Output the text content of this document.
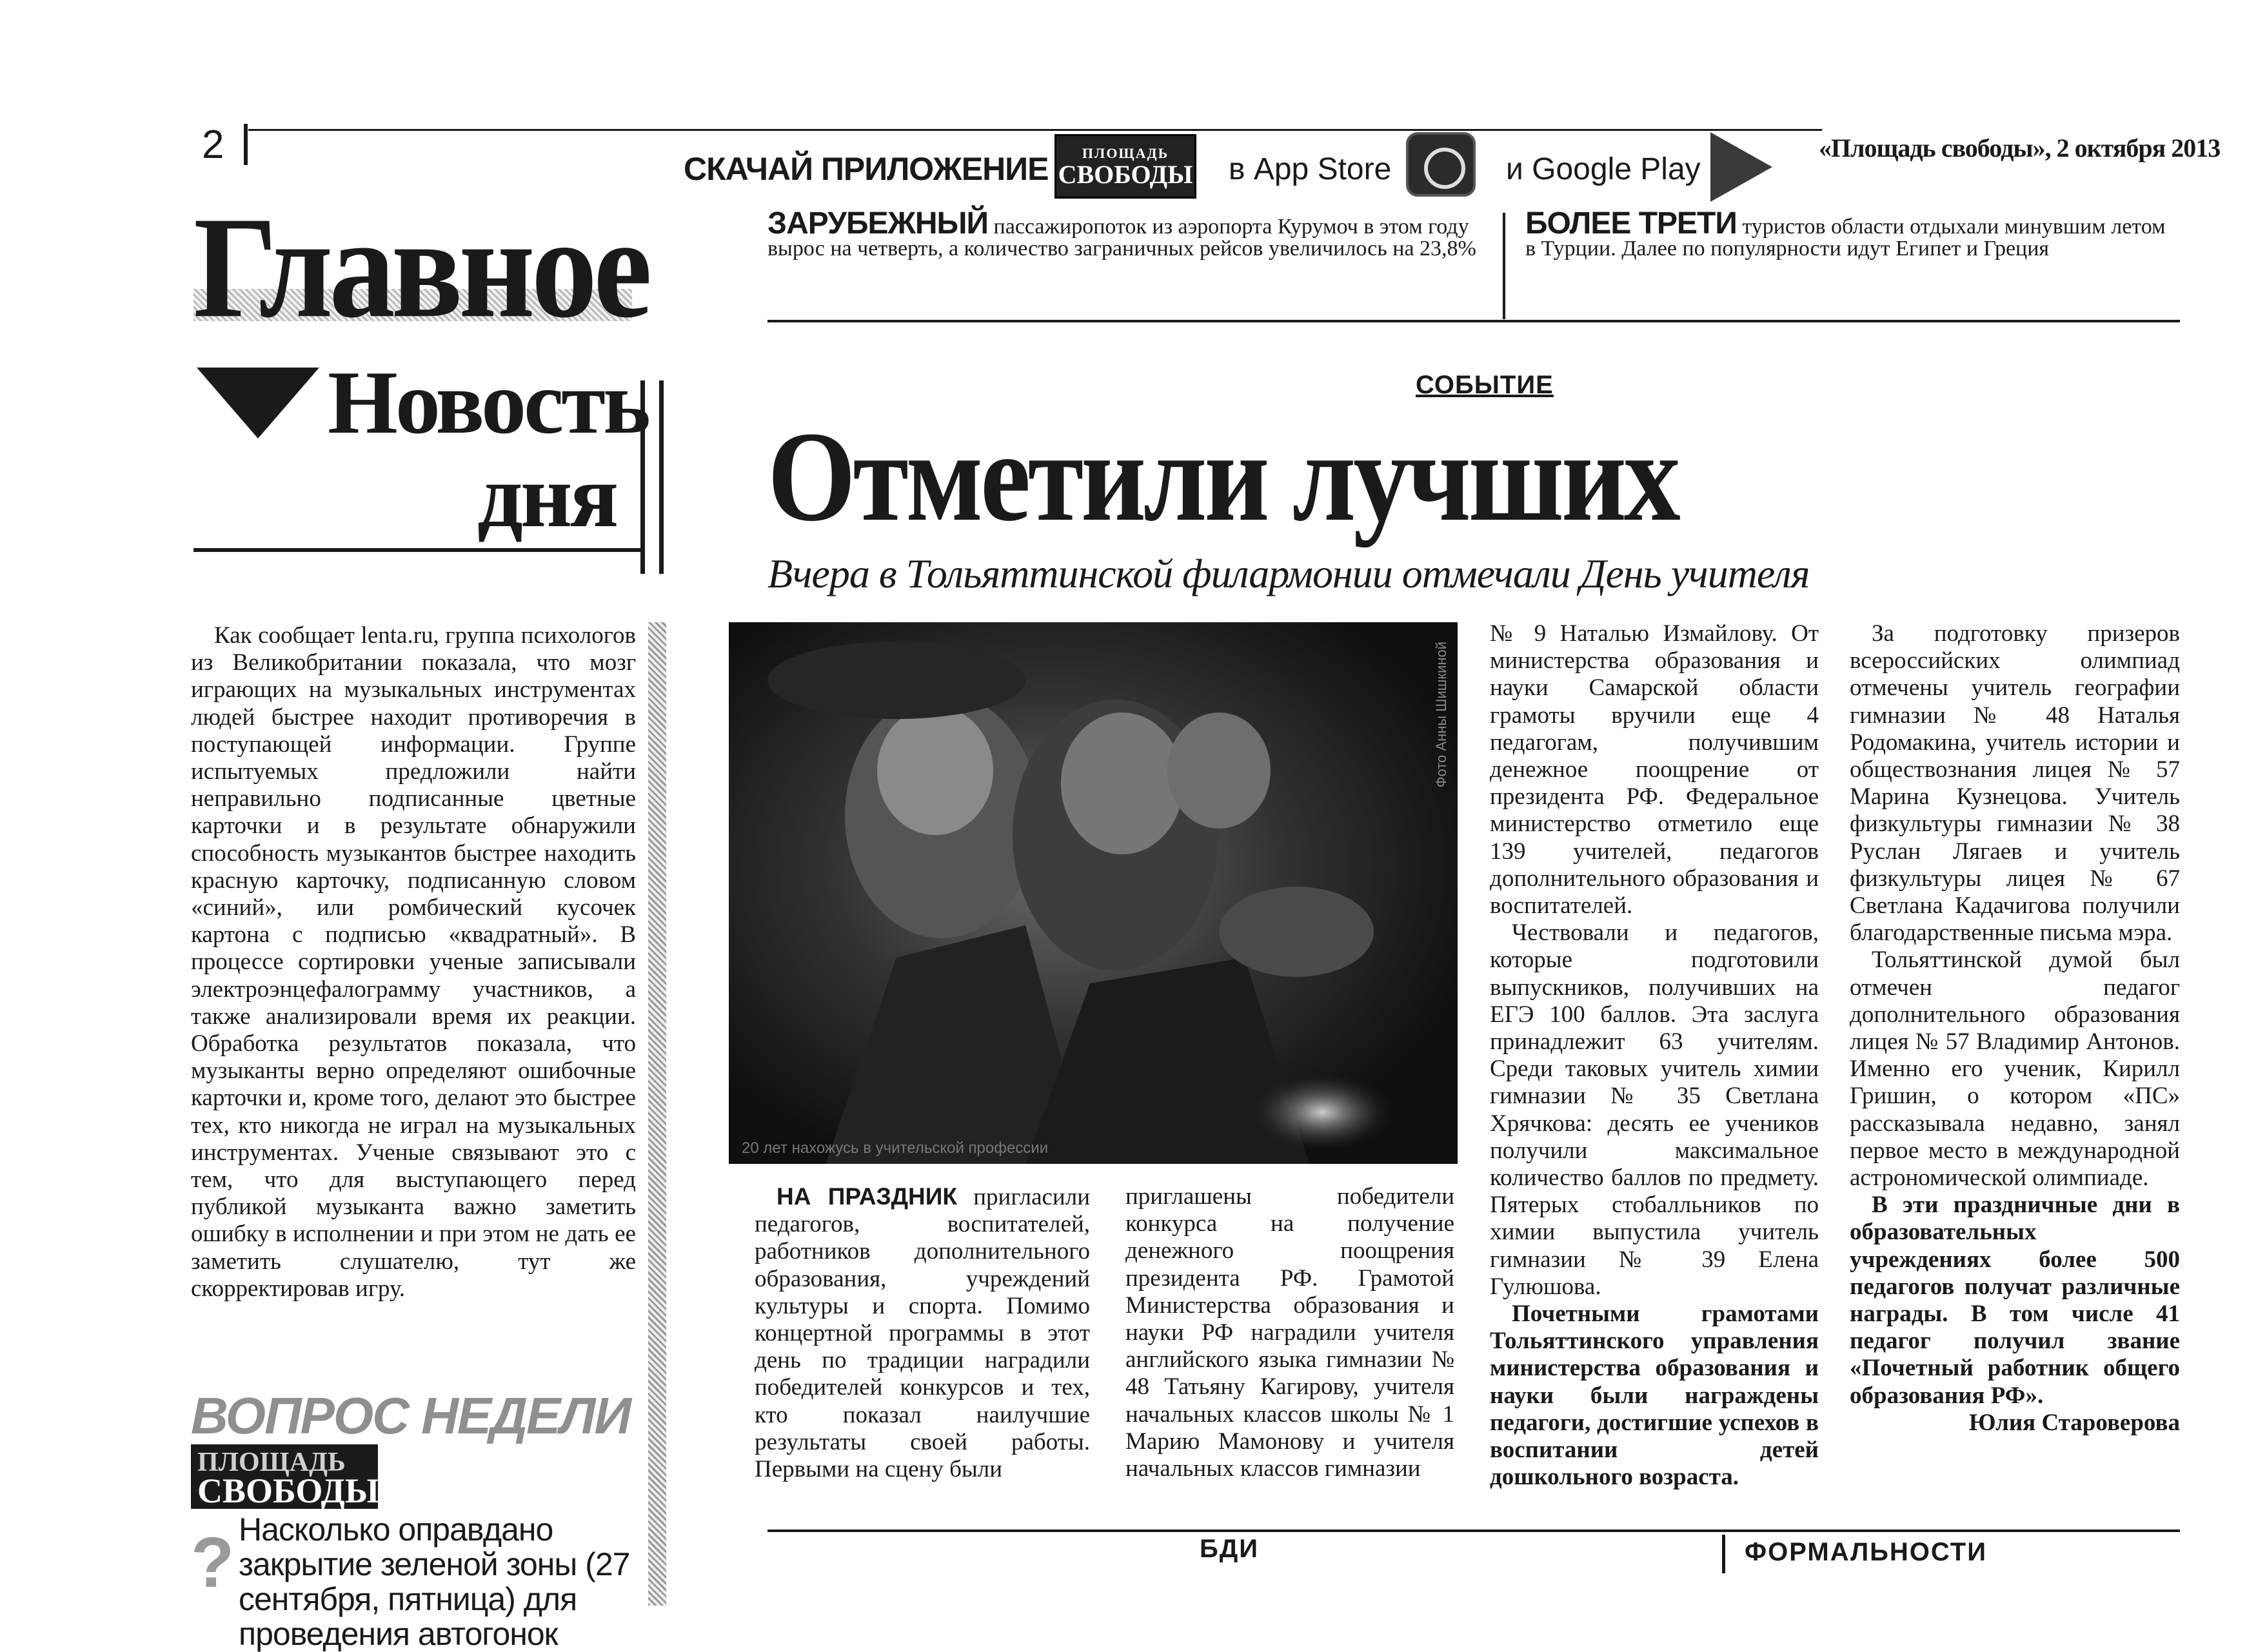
2
СКАЧАЙ ПРИЛОЖЕНИЕ ПЛОЩАДЬ
СВОБОДЫ в App Store	и Google Play
«Площадь свободы», 2 октября 2013
ЗАРУБЕЖНЫЙ пассажиропоток из аэропорта Курумоч в этом году вырос на четверть, а количество заграничных рейсов увеличилось на 23,8%
БОЛЕЕ ТРЕТИ туристов области отдыхали минувшим летом в Турции. Далее по популярности идут Египет и Греция
Главное
Новость
дня
Как сообщает lenta.ru, группа психологов из Великобритании показала, что мозг играющих на музыкальных инструментах людей быстрее находит противоречия в поступающей информации. Группе испытуемых предложили найти неправильно подписанные цветные карточки и в результате обнаружили способность музыкантов быстрее находить красную карточку, подписанную словом «синий», или ромбический кусочек картона с подписью «квадратный». В процессе сортировки ученые записывали электроэнцефалограмму участников, а также анализировали время их реакции. Обработка результатов показала, что музыканты верно определяют ошибочные карточки и, кроме того, делают это быстрее тех, кто никогда не играл на музыкальных инструментах. Ученые связывают это с тем, что для выступающего перед публикой музыканта важно заметить ошибку в исполнении и при этом не дать ее заметить слушателю, тут же скорректировав игру.
ВОПРОС НЕДЕЛИ
ПЛОЩАДЬ
СВОБОДЫ
? Насколько оправдано закрытие зеленой зоны (27 сентября, пятница) для проведения автогонок
СОБЫТИЕ
Отметили лучших
Вчера в Тольяттинской филармонии отмечали День учителя
Фото Анны Шишкиной
20 лет нахожусь в учительской профессии

НА ПРАЗДНИК пригласили педагогов, воспитателей, работников дополнительного образования, учреждений культуры и спорта. Помимо концертной программы в этот день по традиции наградили победителей конкурсов и тех, кто показал наилучшие результаты своей работы. Первыми на сцену были

приглашены победители конкурса на получение денежного поощрения президента РФ. Грамотой Министерства образования и науки РФ наградили учителя английского языка гимназии № 48 Татьяну Кагирову, учителя начальных классов школы № 1 Марию Мамонову и учителя начальных классов гимназии

№ 9 Наталью Измайлову. От министерства образования и науки Самарской области грамоты вручили еще 4 педагогам, получившим денежное поощрение от президента РФ. Федеральное министерство отметило еще 139 учителей, педагогов дополнительного образования и воспитателей.

Чествовали и педагогов, которые подготовили выпускников, получивших на ЕГЭ 100 баллов. Эта заслуга принадлежит 63 учителям. Среди таковых учитель химии гимназии № 35 Светлана Хрячкова: десять ее учеников получили максимальное количество баллов по предмету. Пятерых стобалльников по химии выпустила учитель гимназии № 39 Елена Гулюшова.

Почетными грамотами Тольяттинского управления министерства образования и науки были награждены педагоги, достигшие успехов в воспитании детей дошкольного возраста.

За подготовку призеров всероссийских олимпиад отмечены учитель географии гимназии № 48 Наталья Родомакина, учитель истории и обществознания лицея № 57 Марина Кузнецова. Учитель физкультуры гимназии № 38 Руслан Лягаев и учитель физкультуры лицея № 67 Светлана Кадачигова получили благодарственные письма мэра.

Тольяттинской думой был отмечен педагог дополнительного образования лицея № 57 Владимир Антонов. Именно его ученик, Кирилл Гришин, о котором «ПС» рассказывала недавно, занял первое место в международной астрономической олимпиаде.

В эти праздничные дни в образовательных учреждениях более 500 педагогов получат различные награды. В том числе 41 педагог получил звание «Почетный работник общего образования РФ».

Юлия Староверова

БДИ	ФОРМАЛЬНОСТИ
